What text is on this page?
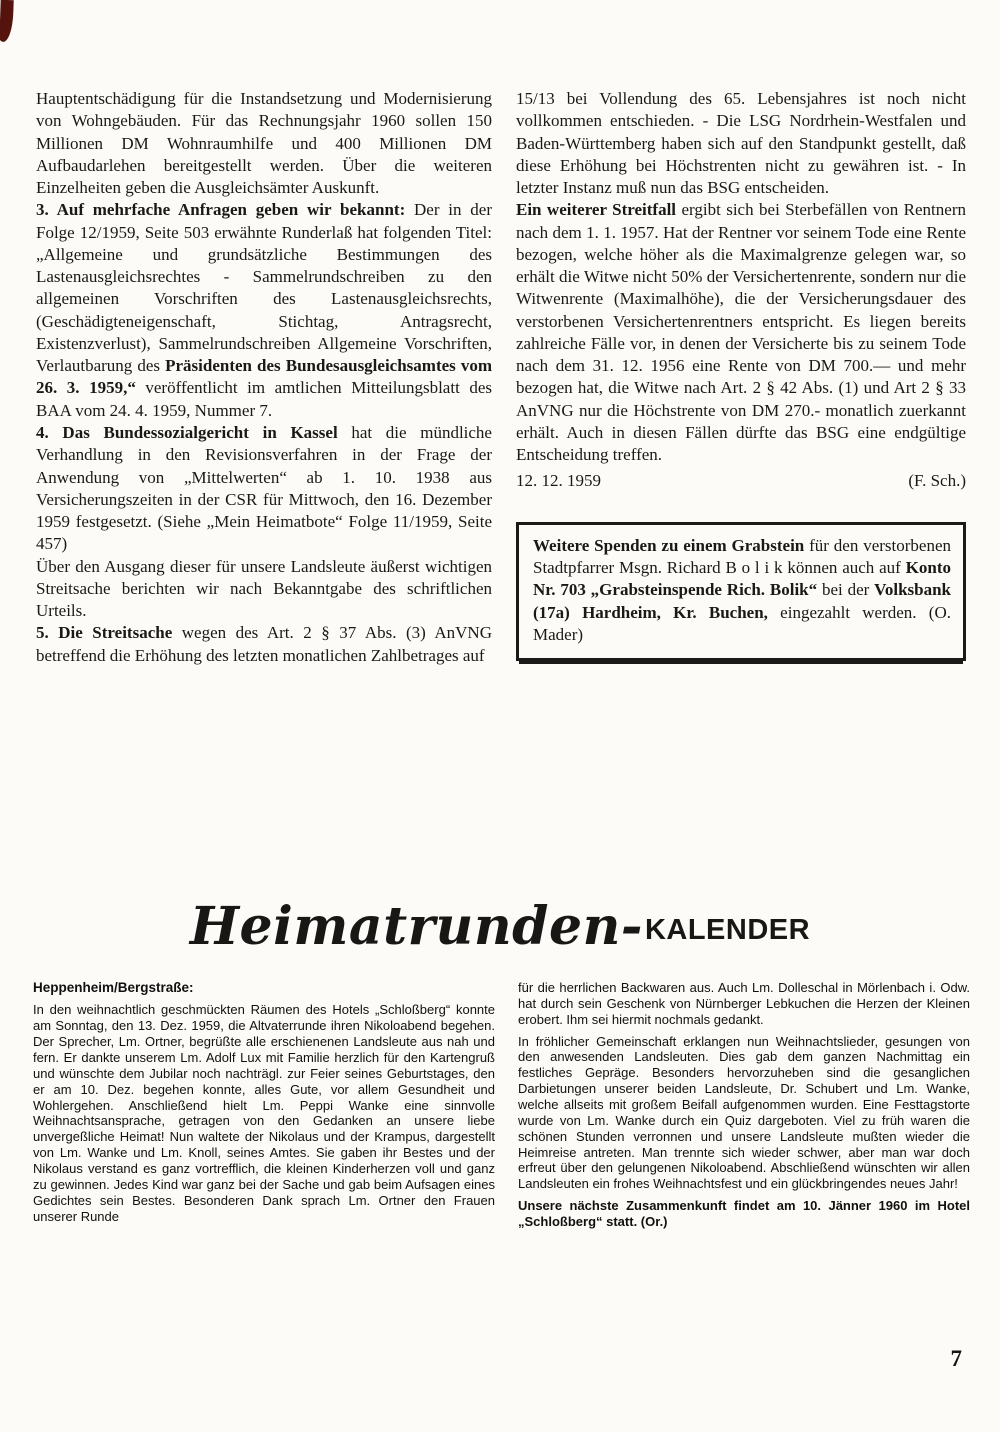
Hauptentschädigung für die Instandsetzung und Modernisierung von Wohngebäuden. Für das Rechnungsjahr 1960 sollen 150 Millionen DM Wohnraumhilfe und 400 Millionen DM Aufbaudarlehen bereitgestellt werden. Über die weiteren Einzelheiten geben die Ausgleichsämter Auskunft.

3. Auf mehrfache Anfragen geben wir bekannt: Der in der Folge 12/1959, Seite 503 erwähnte Runderlaß hat folgenden Titel: „Allgemeine und grundsätzliche Bestimmungen des Lastenausgleichsrechtes - Sammelrundschreiben zu den allgemeinen Vorschriften des Lastenausgleichsrechts, (Geschädigteneigenschaft, Stichtag, Antragsrecht, Existenzverlust), Sammelrundschreiben Allgemeine Vorschriften, Verlautbarung des Präsidenten des Bundesausgleichsamtes vom 26. 3. 1959,“ veröffentlicht im amtlichen Mitteilungsblatt des BAA vom 24. 4. 1959, Nummer 7.

4. Das Bundessozialgericht in Kassel hat die mündliche Verhandlung in den Revisionsverfahren in der Frage der Anwendung von „Mittelwerten“ ab 1. 10. 1938 aus Versicherungszeiten in der CSR für Mittwoch, den 16. Dezember 1959 festgesetzt. (Siehe „Mein Heimatbote“ Folge 11/1959, Seite 457)

Über den Ausgang dieser für unsere Landsleute äußerst wichtigen Streitsache berichten wir nach Bekanntgabe des schriftlichen Urteils.

5. Die Streitsache wegen des Art. 2 § 37 Abs. (3) AnVNG betreffend die Erhöhung des letzten monatlichen Zahlbetrages auf

15/13 bei Vollendung des 65. Lebensjahres ist noch nicht vollkommen entschieden. - Die LSG Nordrhein-Westfalen und Baden-Württemberg haben sich auf den Standpunkt gestellt, daß diese Erhöhung bei Höchstrenten nicht zu gewähren ist. - In letzter Instanz muß nun das BSG entscheiden.

Ein weiterer Streitfall ergibt sich bei Sterbefällen von Rentnern nach dem 1. 1. 1957. Hat der Rentner vor seinem Tode eine Rente bezogen, welche höher als die Maximalgrenze gelegen war, so erhält die Witwe nicht 50% der Versichertenrente, sondern nur die Witwenrente (Maximalhöhe), die der Versicherungsdauer des verstorbenen Versichertenrentners entspricht. Es liegen bereits zahlreiche Fälle vor, in denen der Versicherte bis zu seinem Tode nach dem 31. 12. 1956 eine Rente von DM 700.— und mehr bezogen hat, die Witwe nach Art. 2 § 42 Abs. (1) und Art 2 § 33 AnVNG nur die Höchstrente von DM 270.- monatlich zuerkannt erhält. Auch in diesen Fällen dürfte das BSG eine endgültige Entscheidung treffen.

12. 12. 1959	(F. Sch.)

Weitere Spenden zu einem Grabstein für den verstorbenen Stadtpfarrer Msgn. Richard B o l i k können auch auf Konto Nr. 703 „Grabsteinspende Rich. Bolik“ bei der Volksbank (17a) Hardheim, Kr. Buchen, eingezahlt werden. (O. Mader)

Heimatrunden-KALENDER

Heppenheim/Bergstraße:

In den weihnachtlich geschmückten Räumen des Hotels „Schloßberg“ konnte am Sonntag, den 13. Dez. 1959, die Altvaterrunde ihren Nikoloabend begehen. Der Sprecher, Lm. Ortner, begrüßte alle erschienenen Landsleute aus nah und fern. Er dankte unserem Lm. Adolf Lux mit Familie herzlich für den Kartengruß und wünschte dem Jubilar noch nachträgl. zur Feier seines Geburtstages, den er am 10. Dez. begehen konnte, alles Gute, vor allem Gesundheit und Wohlergehen. Anschließend hielt Lm. Peppi Wanke eine sinnvolle Weihnachtsansprache, getragen von den Gedanken an unsere liebe unvergeßliche Heimat! Nun waltete der Nikolaus und der Krampus, dargestellt von Lm. Wanke und Lm. Knoll, seines Amtes. Sie gaben ihr Bestes und der Nikolaus verstand es ganz vortrefflich, die kleinen Kinderherzen voll und ganz zu gewinnen. Jedes Kind war ganz bei der Sache und gab beim Aufsagen eines Gedichtes sein Bestes. Besonderen Dank sprach Lm. Ortner den Frauen unserer Runde

für die herrlichen Backwaren aus. Auch Lm. Dolleschal in Mörlenbach i. Odw. hat durch sein Geschenk von Nürnberger Lebkuchen die Herzen der Kleinen erobert. Ihm sei hiermit nochmals gedankt.

In fröhlicher Gemeinschaft erklangen nun Weihnachtslieder, gesungen von den anwesenden Landsleuten. Dies gab dem ganzen Nachmittag ein festliches Gepräge. Besonders hervorzuheben sind die gesanglichen Darbietungen unserer beiden Landsleute, Dr. Schubert und Lm. Wanke, welche allseits mit großem Beifall aufgenommen wurden. Eine Festtagstorte wurde von Lm. Wanke durch ein Quiz dargeboten. Viel zu früh waren die schönen Stunden verronnen und unsere Landsleute mußten wieder die Heimreise antreten. Man trennte sich wieder schwer, aber man war doch erfreut über den gelungenen Nikoloabend. Abschließend wünschten wir allen Landsleuten ein frohes Weihnachtsfest und ein glückbringendes neues Jahr!

Unsere nächste Zusammenkunft findet am 10. Jänner 1960 im Hotel „Schloßberg“ statt. (Or.)

7
